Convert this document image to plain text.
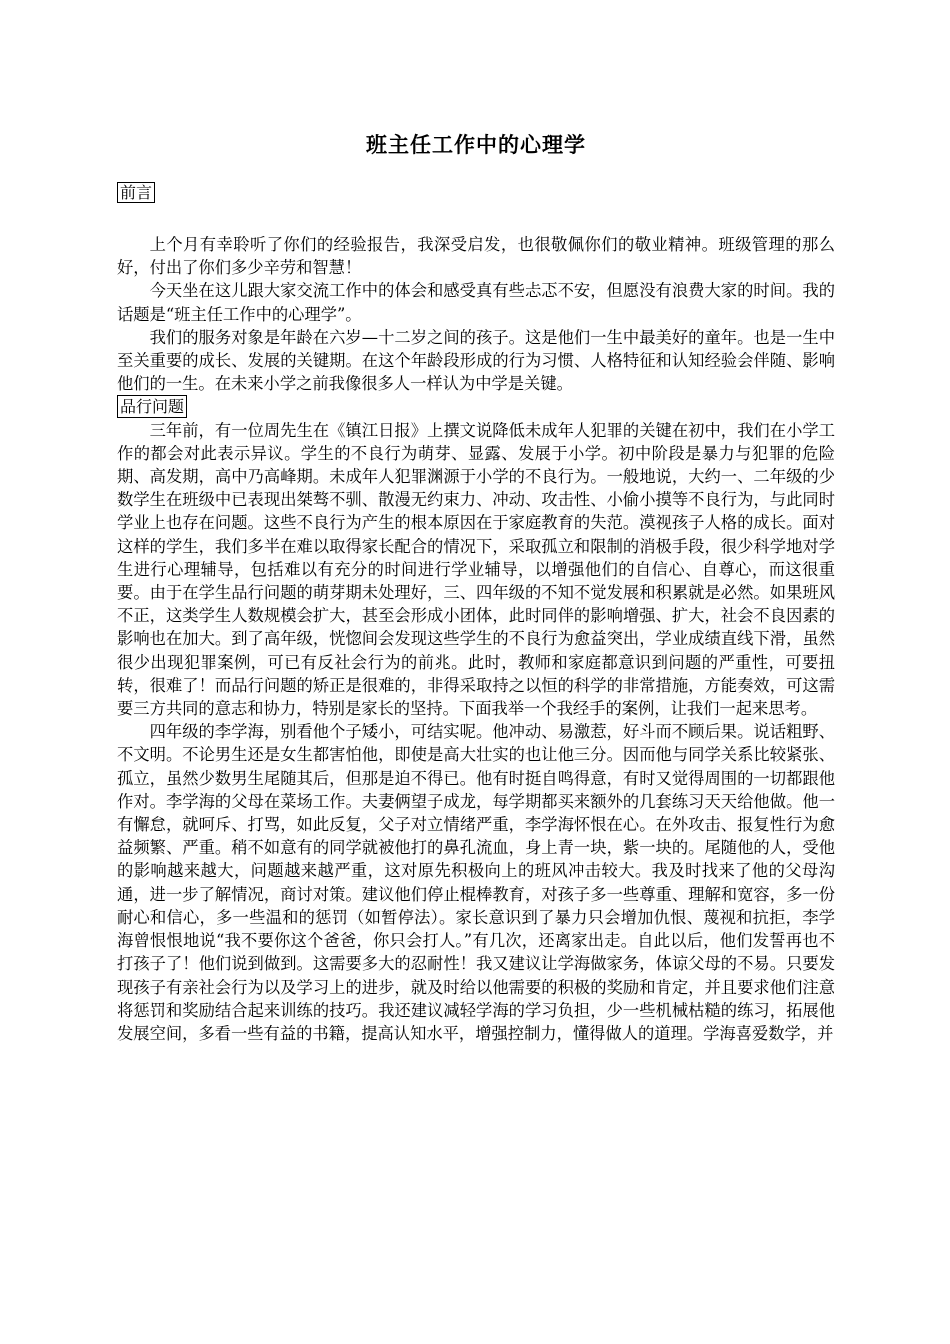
班主任工作中的心理学
前言

上个月有幸聆听了你们的经验报告，我深受启发，也很敬佩你们的敬业精神。班级管理的那么好，付出了你们多少辛劳和智慧！

今天坐在这儿跟大家交流工作中的体会和感受真有些忐忑不安，但愿没有浪费大家的时间。我的话题是“班主任工作中的心理学”。

我们的服务对象是年龄在六岁—十二岁之间的孩子。这是他们一生中最美好的童年。也是一生中至关重要的成长、发展的关键期。在这个年龄段形成的行为习惯、人格特征和认知经验会伴随、影响他们的一生。在未来小学之前我像很多人一样认为中学是关键。

品行问题

三年前，有一位周先生在《镇江日报》上撰文说降低未成年人犯罪的关键在初中，我们在小学工作的都会对此表示异议。学生的不良行为萌芽、显露、发展于小学。初中阶段是暴力与犯罪的危险期、高发期，高中乃高峰期。未成年人犯罪渊源于小学的不良行为。一般地说，大约一、二年级的少数学生在班级中已表现出桀骜不驯、散漫无约束力、冲动、攻击性、小偷小摸等不良行为，与此同时学业上也存在问题。这些不良行为产生的根本原因在于家庭教育的失范。漠视孩子人格的成长。面对这样的学生，我们多半在难以取得家长配合的情况下，采取孤立和限制的消极手段，很少科学地对学生进行心理辅导，包括难以有充分的时间进行学业辅导，以增强他们的自信心、自尊心，而这很重要。由于在学生品行问题的萌芽期未处理好，三、四年级的不知不觉发展和积累就是必然。如果班风不正，这类学生人数规模会扩大，甚至会形成小团体，此时同伴的影响增强、扩大，社会不良因素的影响也在加大。到了高年级，恍惚间会发现这些学生的不良行为愈益突出，学业成绩直线下滑，虽然很少出现犯罪案例，可已有反社会行为的前兆。此时，教师和家庭都意识到问题的严重性，可要扭转，很难了！而品行问题的矫正是很难的，非得采取持之以恒的科学的非常措施，方能奏效，可这需要三方共同的意志和协力，特别是家长的坚持。下面我举一个我经手的案例，让我们一起来思考。

四年级的李学海，别看他个子矮小，可结实呢。他冲动、易激惹，好斗而不顾后果。说话粗野、不文明。不论男生还是女生都害怕他，即使是高大壮实的也让他三分。因而他与同学关系比较紧张、孤立，虽然少数男生尾随其后，但那是迫不得已。他有时挺自鸣得意，有时又觉得周围的一切都跟他作对。李学海的父母在菜场工作。夫妻俩望子成龙，每学期都买来额外的几套练习天天给他做。他一有懈怠，就呵斥、打骂，如此反复，父子对立情绪严重，李学海怀恨在心。在外攻击、报复性行为愈益频繁、严重。稍不如意有的同学就被他打的鼻孔流血，身上青一块，紫一块的。尾随他的人，受他的影响越来越大，问题越来越严重，这对原先积极向上的班风冲击较大。我及时找来了他的父母沟通，进一步了解情况，商讨对策。建议他们停止棍棒教育，对孩子多一些尊重、理解和宽容，多一份耐心和信心，多一些温和的惩罚（如暂停法）。家长意识到了暴力只会增加仇恨、蔑视和抗拒，李学海曾恨恨地说“我不要你这个爸爸，你只会打人。”有几次，还离家出走。自此以后，他们发誓再也不打孩子了！他们说到做到。这需要多大的忍耐性！我又建议让学海做家务，体谅父母的不易。只要发现孩子有亲社会行为以及学习上的进步，就及时给以他需要的积极的奖励和肯定，并且要求他们注意将惩罚和奖励结合起来训练的技巧。我还建议减轻学海的学习负担，少一些机械枯糙的练习，拓展他发展空间，多看一些有益的书籍，提高认知水平，增强控制力，懂得做人的道理。学海喜爱数学，并
